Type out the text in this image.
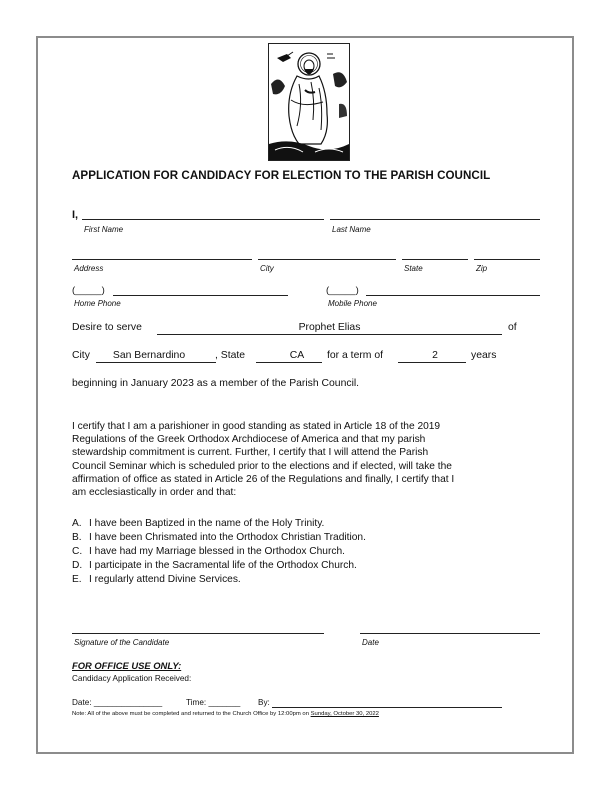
APPLICATION FOR CANDIDACY FOR ELECTION TO THE PARISH COUNCIL
I,
First Name	Last Name
Address	City	State	Zip
(_____)	(_____)
Home Phone	Mobile Phone
Desire to serve	Prophet Elias	of
City	San Bernardino	, State	CA	for a term of	2	years
beginning in January 2023 as a member of the Parish Council.
I certify that I am a parishioner in good standing as stated in Article 18 of the 2019
Regulations of the Greek Orthodox Archdiocese of America and that my parish
stewardship commitment is current. Further, I certify that I will attend the Parish
Council Seminar which is scheduled prior to the elections and if elected, will take the
affirmation of office as stated in Article 26 of the Regulations and finally, I certify that I
am ecclesiastically in order and that:
A. I have been Baptized in the name of the Holy Trinity.
B. I have been Chrismated into the Orthodox Christian Tradition.
C. I have had my Marriage blessed in the Orthodox Church.
D. I participate in the Sacramental life of the Orthodox Church.
E. I regularly attend Divine Services.
Signature of the Candidate	Date
FOR OFFICE USE ONLY:
Candidacy Application Received:
Date: _______________	Time: _______ By:
Note: All of the above must be completed and returned to the Church Office by 12:00pm on Sunday, October 30, 2022
